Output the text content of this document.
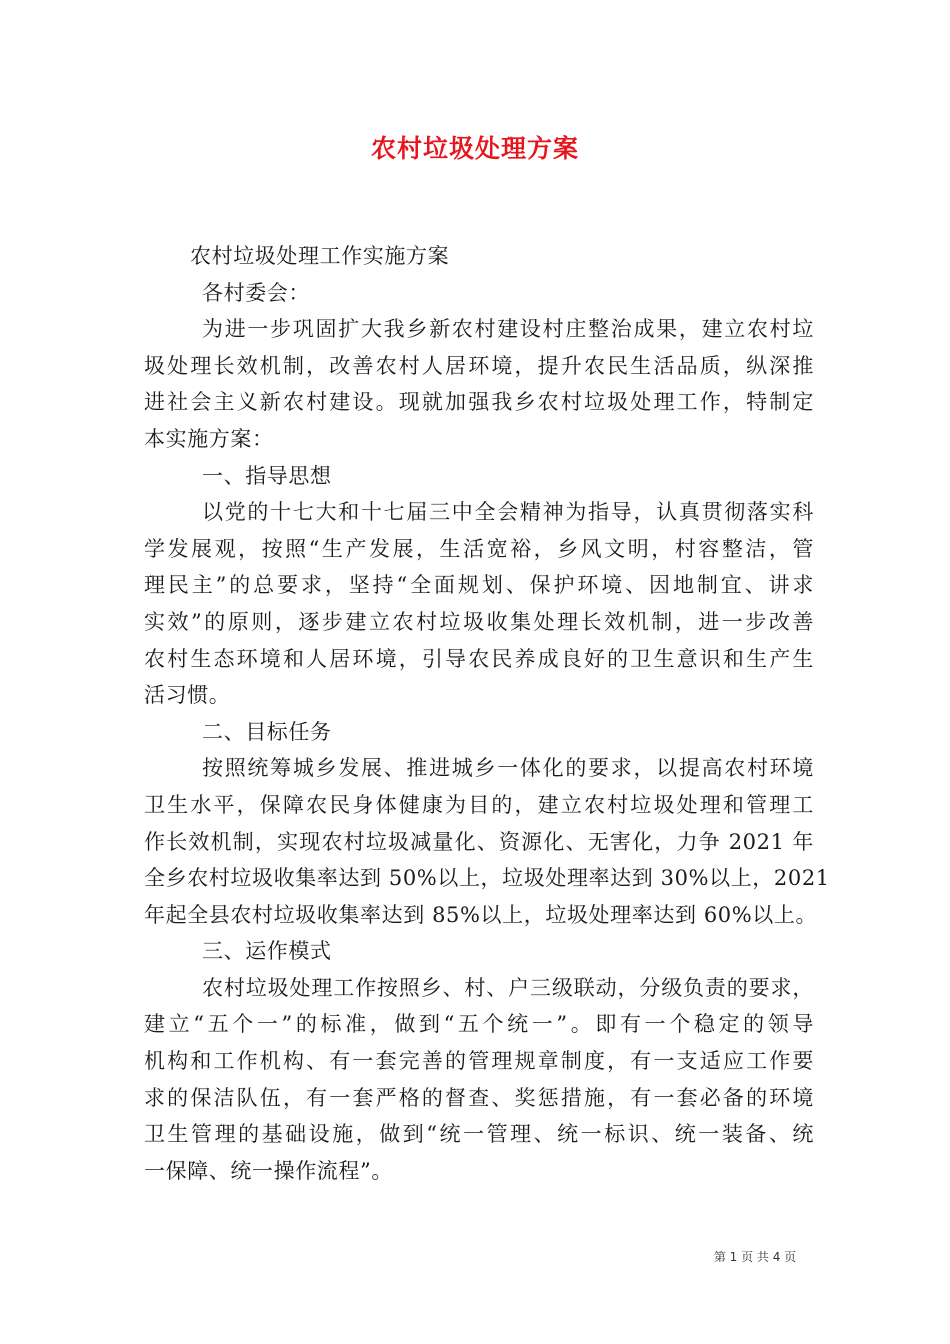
农村垃圾处理方案
农村垃圾处理工作实施方案
各村委会：
为进一步巩固扩大我乡新农村建设村庄整治成果，建立农村垃
圾处理长效机制，改善农村人居环境，提升农民生活品质，纵深推
进社会主义新农村建设。现就加强我乡农村垃圾处理工作，特制定
本实施方案：
一、指导思想
以党的十七大和十七届三中全会精神为指导，认真贯彻落实科
学发展观，按照“生产发展，生活宽裕，乡风文明，村容整洁，管
理民主”的总要求，坚持“全面规划、保护环境、因地制宜、讲求
实效”的原则，逐步建立农村垃圾收集处理长效机制，进一步改善
农村生态环境和人居环境，引导农民养成良好的卫生意识和生产生
活习惯。
二、目标任务
按照统筹城乡发展、推进城乡一体化的要求，以提高农村环境
卫生水平，保障农民身体健康为目的，建立农村垃圾处理和管理工
作长效机制，实现农村垃圾减量化、资源化、无害化，力争 2021 年
全乡农村垃圾收集率达到 50%以上，垃圾处理率达到 30%以上，2021
年起全县农村垃圾收集率达到 85%以上，垃圾处理率达到 60%以上。
三、运作模式
农村垃圾处理工作按照乡、村、户三级联动，分级负责的要求，
建立“五个一”的标准，做到“五个统一”。即有一个稳定的领导
机构和工作机构、有一套完善的管理规章制度，有一支适应工作要
求的保洁队伍，有一套严格的督查、奖惩措施，有一套必备的环境
卫生管理的基础设施，做到“统一管理、统一标识、统一装备、统
一保障、统一操作流程”。
第 1 页 共 4 页
